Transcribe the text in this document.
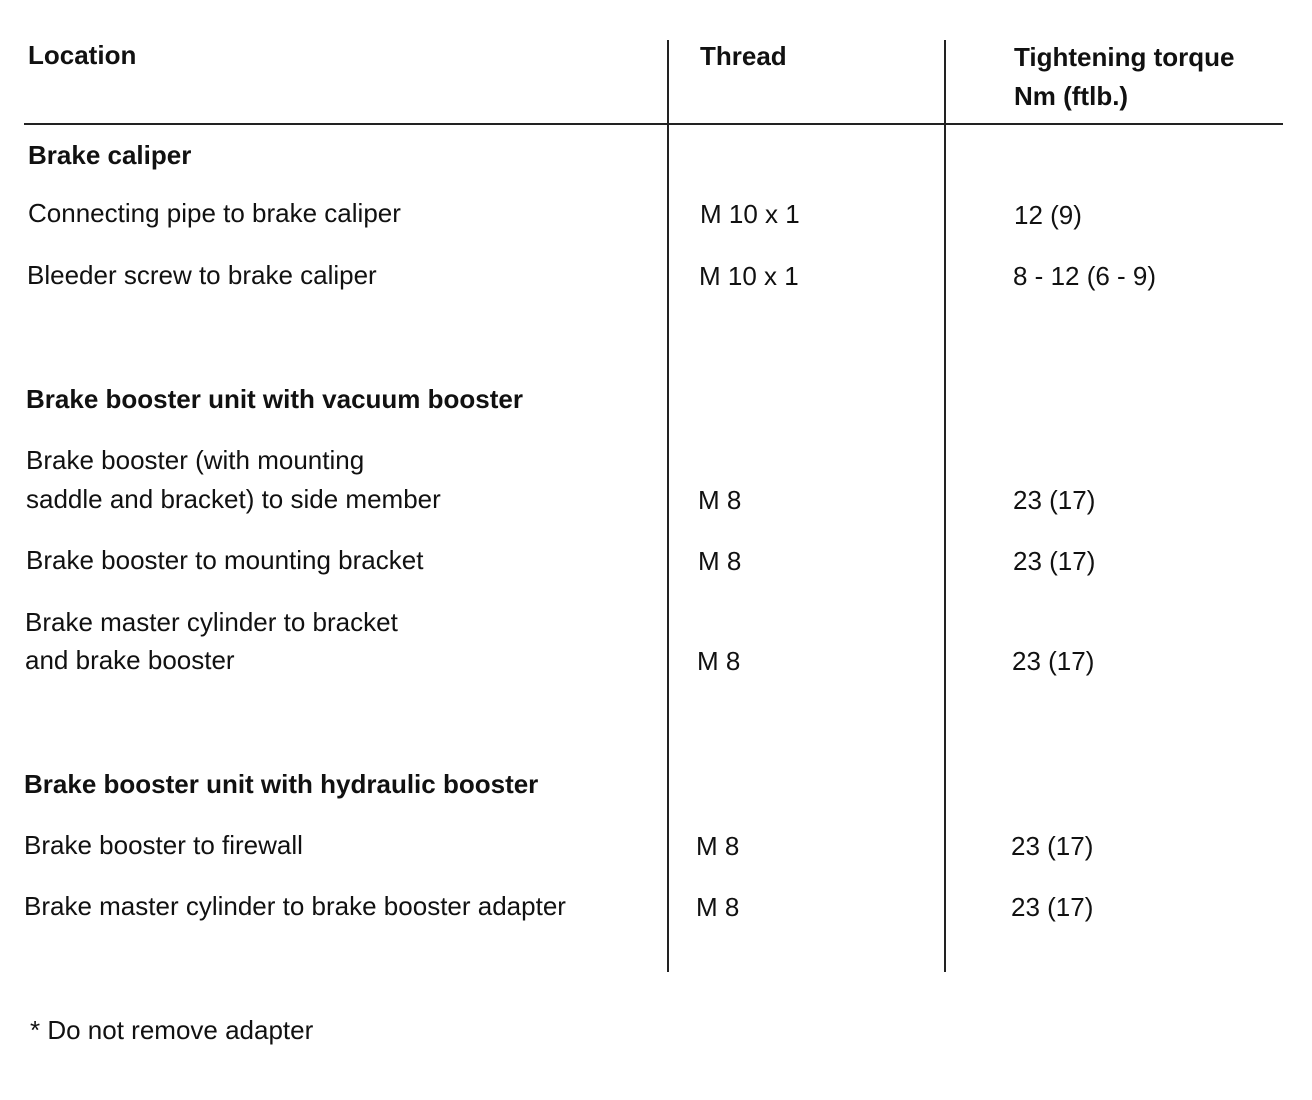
Location	Thread	Tightening torque
Nm (ftlb.)
Brake caliper
Connecting pipe to brake caliper	M 10 x 1	12 (9)
Bleeder screw to brake caliper	M 10 x 1	8 - 12 (6 - 9)
Brake booster unit with vacuum booster
Brake booster (with mounting
saddle and bracket) to side member	M 8	23 (17)
Brake booster to mounting bracket	M 8	23 (17)
Brake master cylinder to bracket
and brake booster	M 8	23 (17)
Brake booster unit with hydraulic booster
Brake booster to firewall	M 8	23 (17)
Brake master cylinder to brake booster adapter	M 8	23 (17)
* Do not remove adapter
